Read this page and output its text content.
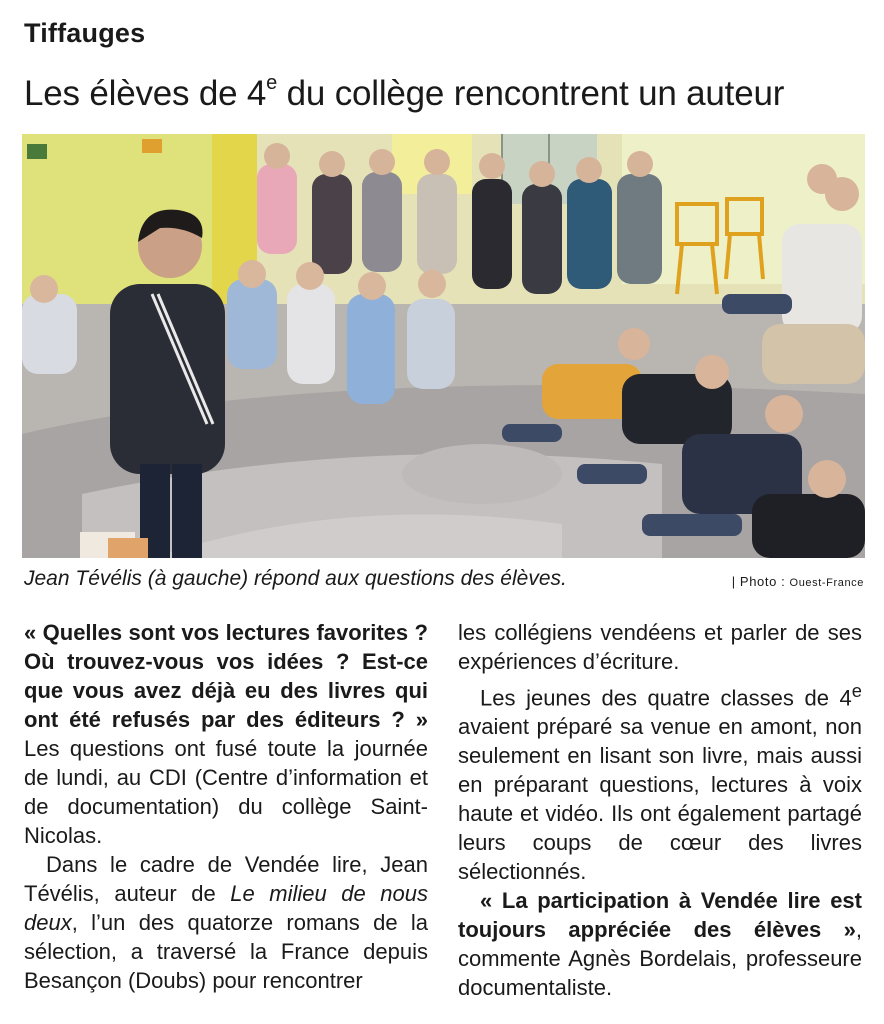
Tiffauges
Les élèves de 4e du collège rencontrent un auteur
Jean Tévélis (à gauche) répond aux questions des élèves.	| Photo : Ouest-France

« Quelles sont vos lectures favorites ? Où trouvez-vous vos idées ? Est-ce que vous avez déjà eu des livres qui ont été refusés par des éditeurs ? » Les questions ont fusé toute la journée de lundi, au CDI (Centre d’information et de documentation) du collège Saint-Nicolas.

Dans le cadre de Vendée lire, Jean Tévélis, auteur de Le milieu de nous deux, l’un des quatorze romans de la sélection, a traversé la France depuis Besançon (Doubs) pour rencontrer

les collégiens vendéens et parler de ses expériences d’écriture.

Les jeunes des quatre classes de 4e avaient préparé sa venue en amont, non seulement en lisant son livre, mais aussi en préparant questions, lectures à voix haute et vidéo. Ils ont également partagé leurs coups de cœur des livres sélectionnés.

« La participation à Vendée lire est toujours appréciée des élèves », commente Agnès Bordelais, professeure documentaliste.
